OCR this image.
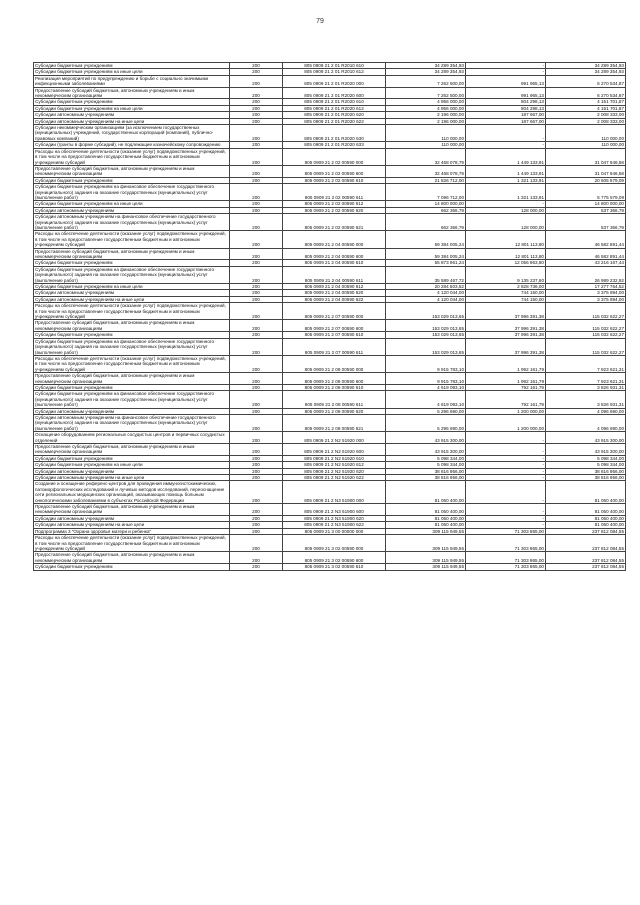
79
Субсидии бюджетным учреждениям	200	805 0909 21 2 01 R2010 610	34 289 354,93	-	34 289 354,93
Субсидии бюджетным учреждениям на иные цели	200	805 0909 21 2 01 R2010 612	34 289 354,93	-	34 289 354,93
Реализация мероприятий по предупреждению и борьбе с социально значимыми инфекционными заболеваниями	200	805 0909 21 2 01 R2020 000	7 262 500,00	991 965,13	6 270 534,87
Предоставление субсидий бюджетным, автономным учреждениям и иным некоммерческим организациям	200	805 0909 21 2 01 R2020 600	7 262 500,00	991 965,13	6 270 534,87
Субсидии бюджетным учреждениям	200	805 0909 21 2 01 R2020 610	4 956 000,00	804 298,13	4 151 701,87
Субсидии бюджетным учреждениям на иные цели	200	805 0909 21 2 01 R2020 612	4 956 000,00	804 298,13	4 151 701,87
Субсидии автономным учреждениям	200	805 0909 21 2 01 R2020 620	2 196 000,00	187 667,00	2 008 333,00
Субсидии автономным учреждениям на иные цели	200	805 0909 21 2 01 R2020 622	2 196 000,00	187 667,00	2 008 333,00
Субсидии некоммерческим организациям (за исключением государственных (муниципальных) учреждений, государственных корпораций (компаний), публично-правовых компаний)	200	805 0909 21 2 01 R2020 630	110 000,00	-	110 000,00
Субсидии (гранты в форме субсидий), не подлежащие казначейскому сопровождению	200	805 0909 21 2 01 R2020 633	110 000,00	-	110 000,00
Расходы на обеспечение деятельности (оказание услуг) подведомственных учреждений, в том числе на предоставление государственным бюджетным и автономным учреждениям субсидий	200	805 0909 21 2 02 00590 000	32 468 078,79	1 449 133,91	31 047 946,58
Предоставление субсидий бюджетным, автономным учреждениям и иным некоммерческим организациям	200	805 0909 21 2 02 00590 600	32 468 078,79	1 449 133,91	31 047 946,58
Субсидии бюджетным учреждениям	200	805 0909 21 2 02 00590 610	21 826 712,00	1 321 133,91	20 505 579,09
Субсидии бюджетным учреждениям на финансовое обеспечение государственного (муниципального) задания на оказание государственных (муниципальных) услуг (выполнение работ)	200	805 0909 21 2 02 00590 611	7 096 712,00	1 321 133,91	5 775 579,09
Субсидии бюджетным учреждениям на иные цели	200	805 0909 21 2 02 00590 612	14 800 000,00	-	14 800 000,00
Субсидии автономным учреждениям	200	805 0909 21 2 02 00590 620	662 366,79	128 000,00	537 366,79
Субсидии автономным учреждениям на финансовое обеспечение государственного (муниципального) задания на оказание государственных (муниципальных) услуг (выполнение работ)	200	805 0909 21 2 02 00590 621	662 366,79	128 000,00	537 366,79
Расходы на обеспечение деятельности (оказание услуг) подведомственных учреждений, в том числе на предоставление государственным бюджетным и автономным учреждениям субсидий	200	805 0909 21 2 04 00590 000	59 384 005,24	12 801 113,80	46 582 891,44
Предоставление субсидий бюджетным, автономным учреждениям и иным некоммерческим организациям	200	805 0909 21 2 04 00590 600	59 384 005,24	12 801 113,80	46 582 891,44
Субсидии бюджетным учреждениям	200	805 0909 21 2 04 00590 610	55 873 961,24	12 056 963,80	43 216 167,44
Субсидии бюджетным учреждениям на финансовое обеспечение государственного (муниципального) задания на оказание государственных (муниципальных) услуг (выполнение работ)	200	805 0909 21 2 04 00590 611	35 589 467,72	9 135 237,60	26 989 232,92
Субсидии бюджетным учреждениям на иные цели	200	805 0909 21 2 04 00590 612	20 284 503,52	2 828 736,00	17 277 764,52
Субсидии автономным учреждениям	200	805 0909 21 2 04 00590 620	4 120 044,00	744 150,00	3 375 894,00
Субсидии автономным учреждениям на иные цели	200	805 0909 21 2 04 00590 622	4 120 044,00	744 150,00	3 375 894,00
Расходы на обеспечение деятельности (оказание услуг) подведомственных учреждений, в том числе на предоставление государственным бюджетным и автономным учреждениям субсидий	200	805 0909 21 2 07 00590 000	153 029 013,65	37 996 391,38	115 032 622,27
Предоставление субсидий бюджетным, автономным учреждениям и иным некоммерческим организациям	200	805 0909 21 2 07 00590 600	153 029 013,65	37 996 391,38	115 032 622,27
Субсидии бюджетным учреждениям	200	805 0909 21 2 07 00590 610	153 029 013,65	37 996 391,38	115 032 622,27
Субсидии бюджетным учреждениям на финансовое обеспечение государственного (муниципального) задания на оказание государственных (муниципальных) услуг (выполнение работ)	200	805 0909 21 2 07 00590 611	153 029 013,65	37 996 391,38	115 032 622,27
Расходы на обеспечение деятельности (оказание услуг) подведомственных учреждений, в том числе на предоставление государственным бюджетным и автономным учреждениям субсидий	200	805 0909 21 2 08 00590 000	9 915 783,10	1 992 161,79	7 923 621,31
Предоставление субсидий бюджетным, автономным учреждениям и иным некоммерческим организациям	200	805 0909 21 2 08 00590 600	9 915 783,10	1 992 161,79	7 923 621,31
Субсидии бюджетным учреждениям	200	805 0909 21 2 08 00590 610	4 619 093,10	792 161,79	3 826 931,31
Субсидии бюджетным учреждениям на финансовое обеспечение государственного (муниципального) задания на оказание государственных (муниципальных) услуг (выполнение работ)	200	805 0909 21 2 08 00590 611	4 619 093,10	792 161,79	3 826 931,31
Субсидии автономным учреждениям	200	805 0909 21 2 08 00590 620	5 296 690,00	1 200 000,00	4 096 690,00
Субсидии автономным учреждениям на финансовое обеспечение государственного (муниципального) задания на оказание государственных (муниципальных) услуг (выполнение работ)	200	805 0909 21 2 08 00590 621	5 296 690,00	1 200 000,00	4 096 690,00
Оснащение оборудованием региональных сосудистых центров и первичных сосудистых отделений	200	805 0909 21 2 N2 51920 000	43 915 300,00	-	43 915 300,00
Предоставление субсидий бюджетным, автономным учреждениям и иным некоммерческим организациям	200	805 0909 21 2 N2 51920 600	43 915 300,00	-	43 915 300,00
Субсидии бюджетным учреждениям	200	805 0909 21 2 N2 51920 610	5 098 344,00	-	5 098 344,00
Субсидии бюджетным учреждениям на иные цели	200	805 0909 21 2 N2 51920 612	5 098 344,00	-	5 098 344,00
Субсидии автономным учреждениям	200	805 0909 21 2 N2 51920 620	38 816 956,00	-	38 816 956,00
Субсидии автономным учреждениям на иные цели	200	805 0909 21 2 N2 51920 622	38 816 956,00	-	38 816 956,00
Создание и оснащение референс-центров для проведения иммуногистохимических, патоморфологических исследований и лучевых методов исследований, переоснащение сети региональных медицинских организаций, оказывающих помощь больным онкологическими заболеваниями в субъектах Российской Федерации	200	805 0909 21 2 N3 51900 000	81 050 400,00	-	81 050 400,00
Предоставление субсидий бюджетным, автономным учреждениям и иным некоммерческим организациям	200	805 0909 21 2 N3 51900 600	81 050 400,00	-	81 050 400,00
Субсидии автономным учреждениям	200	805 0909 21 2 N3 51900 620	81 050 400,00	-	81 050 400,00
Субсидии автономным учреждениям на иные цели	200	805 0909 21 2 N3 51900 622	81 050 400,00	-	81 050 400,00
Подпрограмма 3 "Охрана здоровья матери и ребенка"	200	805 0909 21 3 00 00000 000	309 115 949,55	71 303 865,00	237 812 084,55
Расходы на обеспечение деятельности (оказание услуг) подведомственных учреждений, в том числе на предоставление государственным бюджетным и автономным учреждениям субсидий	200	805 0909 21 3 02 00590 000	309 115 949,55	71 303 865,00	237 812 084,55
Предоставление субсидий бюджетным, автономным учреждениям и иным некоммерческим организациям	200	805 0909 21 3 02 00590 600	309 115 949,55	71 303 865,00	237 812 084,55
Субсидии бюджетным учреждениям	200	805 0909 21 3 02 00590 610	309 115 949,55	71 303 865,00	237 812 084,55
